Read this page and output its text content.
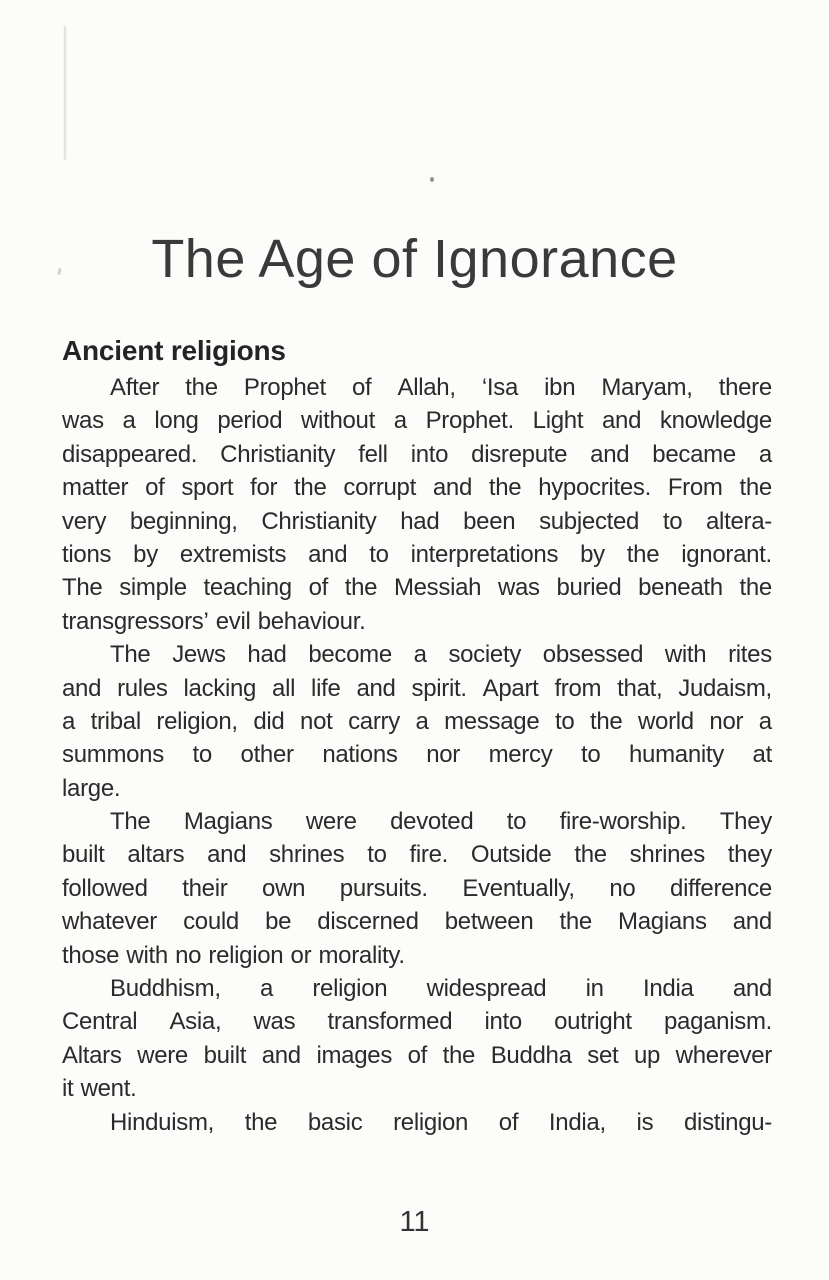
The Age of Ignorance
Ancient religions
After the Prophet of Allah, ‘Isa ibn Maryam, there
was a long period without a Prophet. Light and knowledge
disappeared. Christianity fell into disrepute and became a
matter of sport for the corrupt and the hypocrites. From the
very beginning, Christianity had been subjected to altera-
tions by extremists and to interpretations by the ignorant.
The simple teaching of the Messiah was buried beneath the
transgressors’ evil behaviour.
The Jews had become a society obsessed with rites
and rules lacking all life and spirit. Apart from that, Judaism,
a tribal religion, did not carry a message to the world nor a
summons to other nations nor mercy to humanity at
large.
The Magians were devoted to fire-worship. They
built altars and shrines to fire. Outside the shrines they
followed their own pursuits. Eventually, no difference
whatever could be discerned between the Magians and
those with no religion or morality.
Buddhism, a religion widespread in India and
Central Asia, was transformed into outright paganism.
Altars were built and images of the Buddha set up wherever
it went.
Hinduism, the basic religion of India, is distingu-
11
